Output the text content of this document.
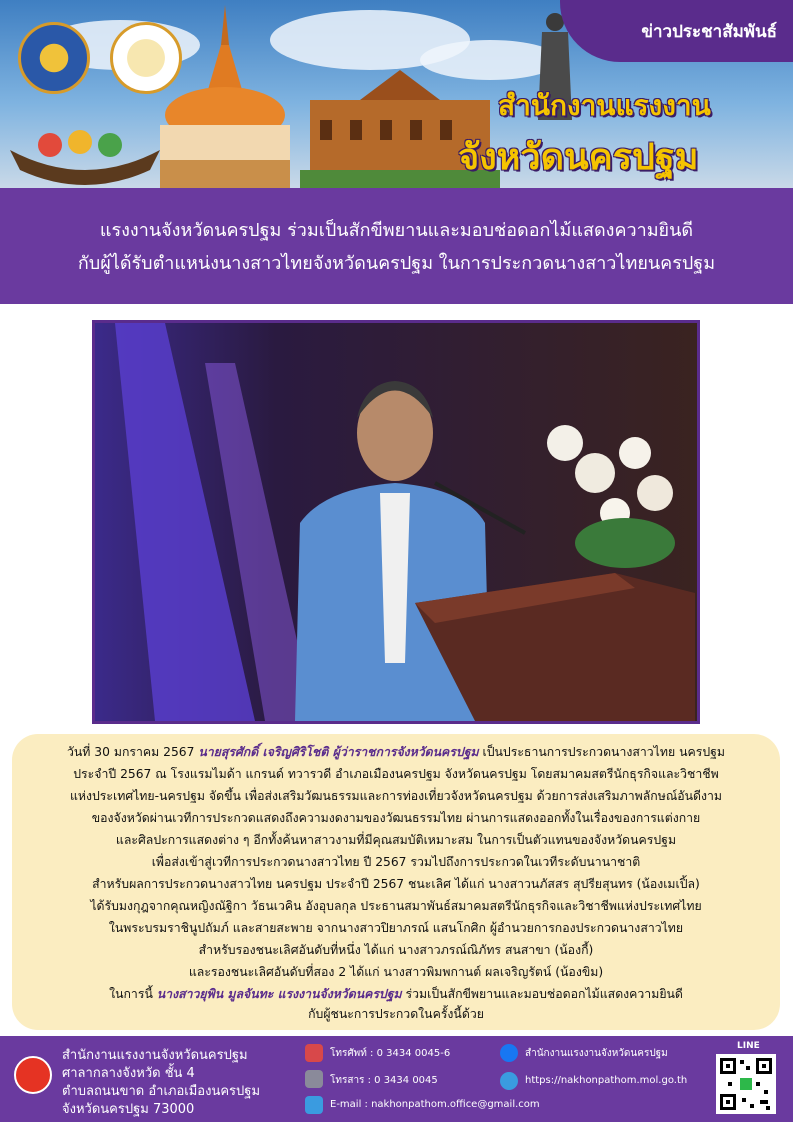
ข่าวประชาสัมพันธ์
สำนักงานแรงงาน
จังหวัดนครปฐม
แรงงานจังหวัดนครปฐม ร่วมเป็นสักขีพยานและมอบช่อดอกไม้แสดงความยินดี
กับผู้ได้รับตำแหน่งนางสาวไทยจังหวัดนครปฐม ในการประกวดนางสาวไทยนครปฐม
วันที่ 30 มกราคม 2567 นายสุรศักดิ์ เจริญศิริโชติ ผู้ว่าราชการจังหวัดนครปฐม เป็นประธานการประกวดนางสาวไทย นครปฐม
ประจำปี 2567 ณ โรงแรมไมด้า แกรนด์ ทวารวดี อำเภอเมืองนครปฐม จังหวัดนครปฐม โดยสมาคมสตรีนักธุรกิจและวิชาชีพ
แห่งประเทศไทย-นครปฐม จัดขึ้น เพื่อส่งเสริมวัฒนธรรมและการท่องเที่ยวจังหวัดนครปฐม ด้วยการส่งเสริมภาพลักษณ์อันดีงาม
ของจังหวัดผ่านเวทีการประกวดแสดงถึงความงดงามของวัฒนธรรมไทย ผ่านการแสดงออกทั้งในเรื่องของการแต่งกาย
และศิลปะการแสดงต่าง ๆ อีกทั้งค้นหาสาวงามที่มีคุณสมบัติเหมาะสม ในการเป็นตัวแทนของจังหวัดนครปฐม
เพื่อส่งเข้าสู่เวทีการประกวดนางสาวไทย ปี 2567 รวมไปถึงการประกวดในเวทีระดับนานาชาติ
สำหรับผลการประกวดนางสาวไทย นครปฐม ประจำปี 2567 ชนะเลิศ ได้แก่ นางสาวนภัสสร สุปรียสุนทร (น้องเมเปิ้ล)
ได้รับมงกุฎจากคุณหญิงณัฐิกา วัธนเวคิน อังอุบลกุล ประธานสมาพันธ์สมาคมสตรีนักธุรกิจและวิชาชีพแห่งประเทศไทย
ในพระบรมราชินูปถัมภ์ และสายสะพาย จากนางสาวปิยาภรณ์ แสนโกศิก ผู้อำนวยการกองประกวดนางสาวไทย
สำหรับรองชนะเลิศอันดับที่หนึ่ง ได้แก่ นางสาวภรณ์ณิภัทร สนสาขา (น้องกี้)
และรองชนะเลิศอันดับที่สอง 2 ได้แก่ นางสาวพิมพกานต์ ผลเจริญรัตน์ (น้องขิม)
ในการนี้ นางสาวยุพิน มูลจันทะ แรงงานจังหวัดนครปฐม ร่วมเป็นสักขีพยานและมอบช่อดอกไม้แสดงความยินดี
กับผู้ชนะการประกวดในครั้งนี้ด้วย
สำนักงานแรงงานจังหวัดนครปฐม
ศาลากลางจังหวัด ชั้น 4
ตำบลถนนขาด อำเภอเมืองนครปฐม
จังหวัดนครปฐม 73000
โทรศัพท์ : 0 3434 0045-6
โทรสาร : 0 3434 0045
E-mail : nakhonpathom.office@gmail.com
สำนักงานแรงงานจังหวัดนครปฐม
https://nakhonpathom.mol.go.th
LINE
